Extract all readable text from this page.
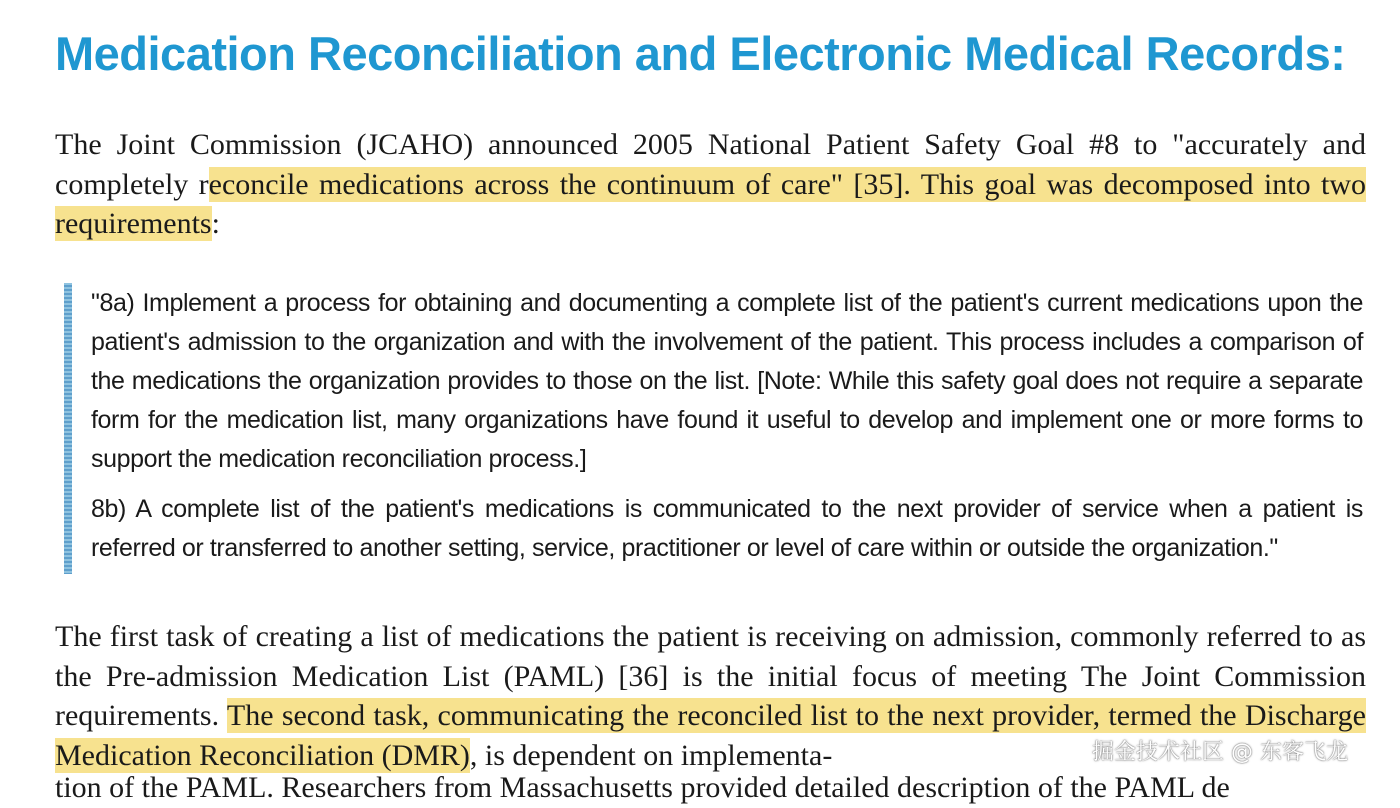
Medication Reconciliation and Electronic Medical Records:
The Joint Commission (JCAHO) announced 2005 National Patient Safety Goal #8 to "accurately and completely reconcile medications across the continuum of care" [35]. This goal was decomposed into two requirements:
"8a) Implement a process for obtaining and documenting a complete list of the patient's current medications upon the patient's admission to the organization and with the involvement of the patient. This process includes a comparison of the medications the organization provides to those on the list. [Note: While this safety goal does not require a separate form for the medication list, many organizations have found it useful to develop and implement one or more forms to support the medication reconciliation process.]
8b) A complete list of the patient's medications is communicated to the next provider of service when a patient is referred or transferred to another setting, service, practitioner or level of care within or outside the organization."
The first task of creating a list of medications the patient is receiving on admission, commonly referred to as the Pre-admission Medication List (PAML) [36] is the initial focus of meeting The Joint Commission requirements. The second task, communicating the reconciled list to the next provider, termed the Discharge Medication Reconciliation (DMR), is dependent on implementa-
tion of the PAML. Researchers from Massachusetts provided detailed description of the PAML de
掘金技术社区 @ 东客飞龙
